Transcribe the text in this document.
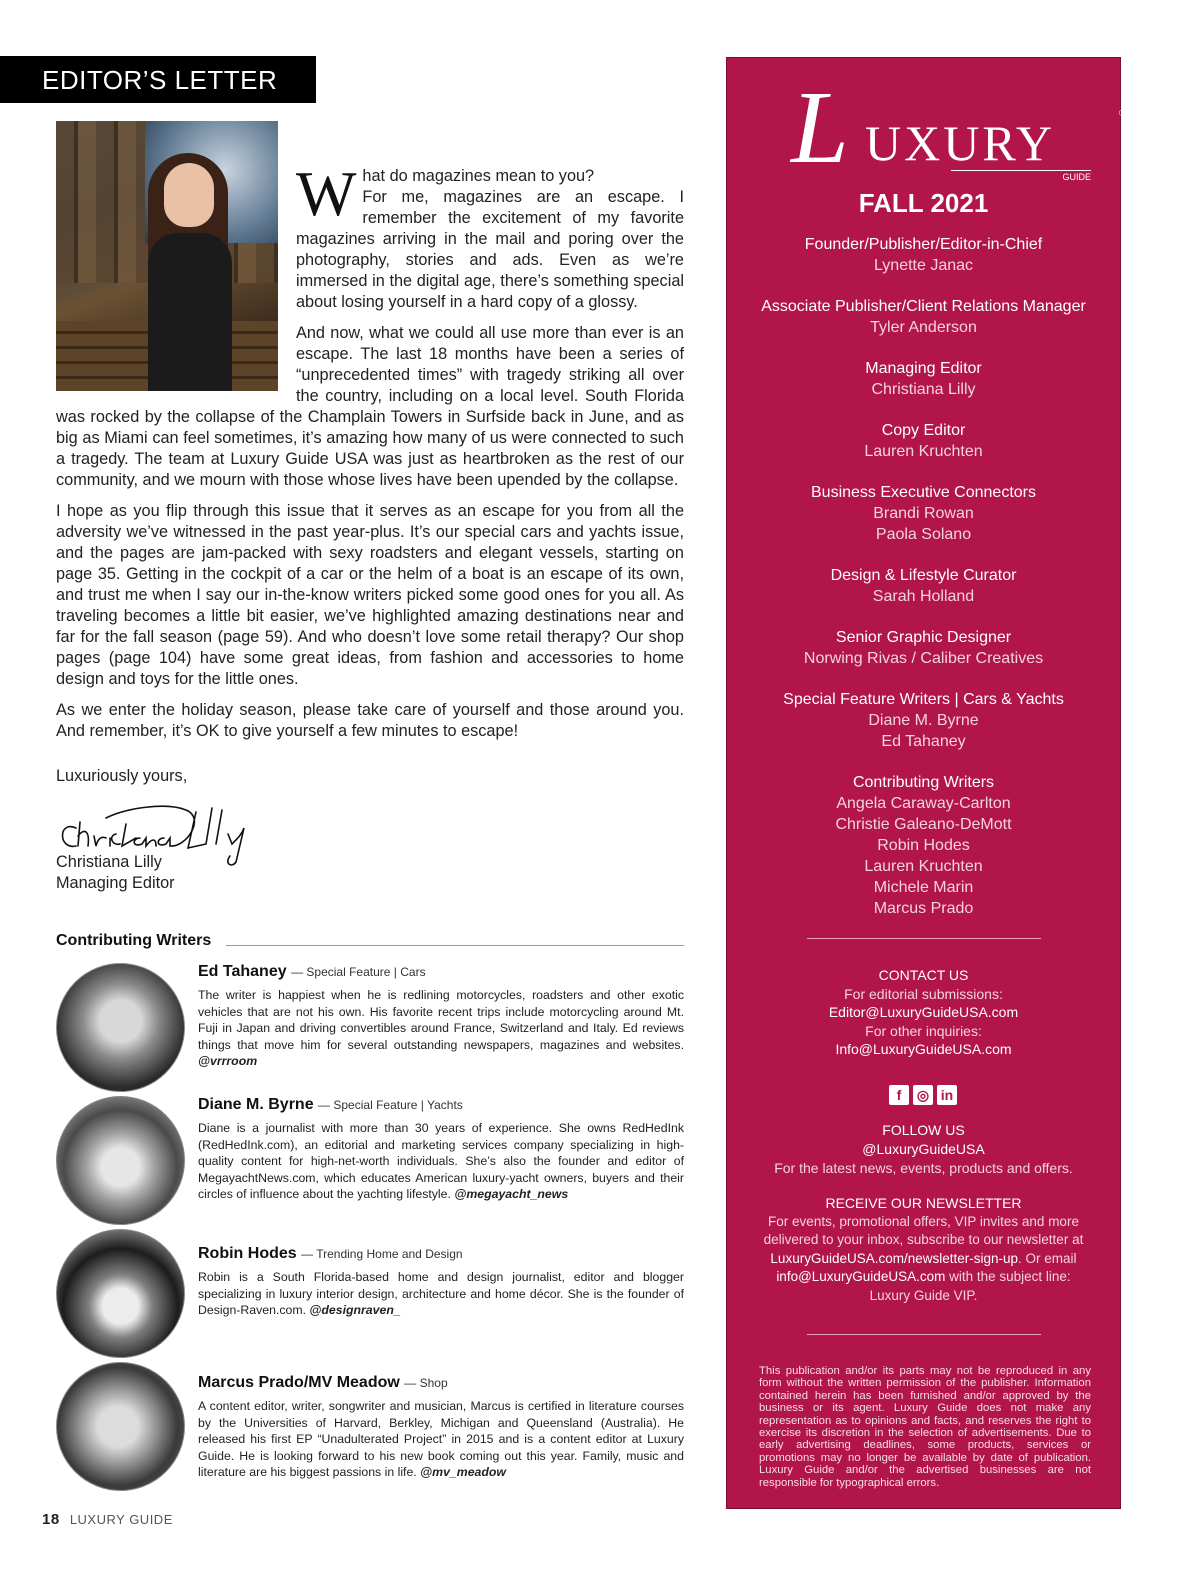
EDITOR’S LETTER

W hat do magazines mean to you?
For me, magazines are an escape. I remember the excitement of my favorite magazines arriving in the mail and poring over the photography, stories and ads. Even as we’re immersed in the digital age, there’s something special about losing yourself in a hard copy of a glossy.

And now, what we could all use more than ever is an escape. The last 18 months have been a series of “unprecedented times” with tragedy striking all over the country, including on a local level. South Florida was rocked by the collapse of the Champlain Towers in Surfside back in June, and as big as Miami can feel sometimes, it’s amazing how many of us were connected to such a tragedy. The team at Luxury Guide USA was just as heartbroken as the rest of our community, and we mourn with those whose lives have been upended by the collapse.

I hope as you flip through this issue that it serves as an escape for you from all the adversity we’ve witnessed in the past year-plus. It’s our special cars and yachts issue, and the pages are jam-packed with sexy roadsters and elegant vessels, starting on page 35. Getting in the cockpit of a car or the helm of a boat is an escape of its own, and trust me when I say our in-the-know writers picked some good ones for you all. As traveling becomes a little bit easier, we’ve highlighted amazing destinations near and far for the fall season (page 59). And who doesn’t love some retail therapy? Our shop pages (page 104) have some great ideas, from fashion and accessories to home design and toys for the little ones.

As we enter the holiday season, please take care of yourself and those around you. And remember, it’s OK to give yourself a few minutes to escape!

Luxuriously yours,
Christiana Lilly
Managing Editor
Contributing Writers
Ed Tahaney — Special Feature | Cars
The writer is happiest when he is redlining motorcycles, roadsters and other exotic vehicles that are not his own. His favorite recent trips include motorcycling around Mt. Fuji in Japan and driving convertibles around France, Switzerland and Italy. Ed reviews things that move him for several outstanding newspapers, magazines and websites. @vrrroom
Diane M. Byrne — Special Feature | Yachts
Diane is a journalist with more than 30 years of experience. She owns RedHedInk (RedHedInk.com), an editorial and marketing services company specializing in high-quality content for high-net-worth individuals. She’s also the founder and editor of MegayachtNews.com, which educates American luxury-yacht owners, buyers and their circles of influence about the yachting lifestyle. @megayacht_news
Robin Hodes — Trending Home and Design
Robin is a South Florida-based home and design journalist, editor and blogger specializing in luxury interior design, architecture and home décor. She is the founder of Design-Raven.com. @designraven_
Marcus Prado/MV Meadow — Shop
A content editor, writer, songwriter and musician, Marcus is certified in literature courses by the Universities of Harvard, Berkley, Michigan and Queensland (Australia). He released his first EP “Unadulterated Project” in 2015 and is a content editor at Luxury Guide. He is looking forward to his new book coming out this year. Family, music and literature are his biggest passions in life. @mv_meadow
18 LUXURY GUIDE
L UXURY
®
GUIDE
FALL 2021
Founder/Publisher/Editor-in-Chief
Lynette Janac
Associate Publisher/Client Relations Manager
Tyler Anderson
Managing Editor
Christiana Lilly
Copy Editor
Lauren Kruchten
Business Executive Connectors
Brandi Rowan
Paola Solano
Design & Lifestyle Curator
Sarah Holland
Senior Graphic Designer
Norwing Rivas / Caliber Creatives
Special Feature Writers | Cars & Yachts
Diane M. Byrne
Ed Tahaney
Contributing Writers
Angela Caraway-Carlton
Christie Galeano-DeMott
Robin Hodes
Lauren Kruchten
Michele Marin
Marcus Prado
CONTACT US
For editorial submissions:
Editor@LuxuryGuideUSA.com
For other inquiries:
Info@LuxuryGuideUSA.com
f	◎ in
FOLLOW US
@LuxuryGuideUSA
For the latest news, events, products and offers.
RECEIVE OUR NEWSLETTER
For events, promotional offers, VIP invites and more delivered to your inbox, subscribe to our newsletter at LuxuryGuideUSA.com/newsletter-sign-up. Or email info@LuxuryGuideUSA.com with the subject line: Luxury Guide VIP.
This publication and/or its parts may not be reproduced in any form without the written permission of the publisher. Information contained herein has been furnished and/or approved by the business or its agent. Luxury Guide does not make any representation as to opinions and facts, and reserves the right to exercise its discretion in the selection of advertisements. Due to early advertising deadlines, some products, services or promotions may no longer be available by date of publication. Luxury Guide and/or the advertised businesses are not responsible for typographical errors.
